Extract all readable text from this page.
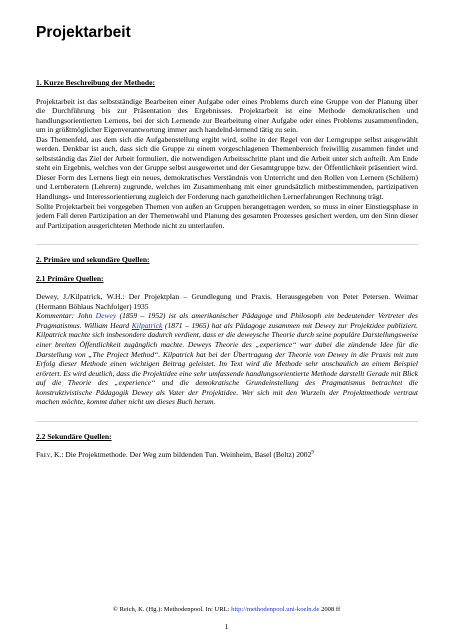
Projektarbeit
1. Kurze Beschreibung der Methode:

Projektarbeit ist das selbstständige Bearbeiten einer Aufgabe oder eines Problems durch eine Gruppe von der Planung über die Durchführung bis zur Präsentation des Ergebnisses. Projektarbeit ist eine Methode demokratischen und handlungsorientierten Lernens, bei der sich Lernende zur Bearbeitung einer Aufgabe oder eines Problems zusammenfinden, um in größtmöglicher Eigenverantwortung immer auch handelnd-lernend tätig zu sein.

Das Themenfeld, aus dem sich die Aufgabenstellung ergibt wird, sollte in der Regel von der Lerngruppe selbst ausgewählt werden. Denkbar ist auch, dass sich die Gruppe zu einem vorgeschlagenen Themenbereich freiwillig zusammen findet und selbstständig das Ziel der Arbeit formuliert, die notwendigen Arbeitsschritte plant und die Arbeit unter sich aufteilt. Am Ende steht ein Ergebnis, welches von der Gruppe selbst ausgewertet und der Gesamtgruppe bzw. der Öffentlichkeit präsentiert wird.

Dieser Form des Lernens liegt ein neues, demokratisches Verständnis von Unterricht und den Rollen von Lernern (Schülern) und Lernberatern (Lehrern) zugrunde, welches im Zusammenhang mit einer grundsätzlich mitbestimmenden, partizipativen Handlungs- und Interessorientierung zugleich der Forderung nach ganzheitlichen Lernerfahrungen Rechnung trägt.

Sollte Projektarbeit bei vorgegeben Themen von außen an Gruppen herangetragen werden, so muss in einer Einstiegsphase in jedem Fall deren Partizipation an der Themenwahl und Planung des gesamten Prozesses gesichert werden, um den Sinn dieser auf Partizipation ausgerichteten Methode nicht zu unterlaufen.

2. Primäre und sekundäre Quellen:
2.1 Primäre Quellen:

Dewey, J./Kilpatrick, W.H.: Der Projektplan – Grundlegung und Praxis. Herausgegeben von Peter Petersen. Weimar (Hermann Böhlaus Nachfolger) 1935

Kommentar: John Dewey (1859 – 1952) ist als amerikanischer Pädagoge und Philosoph ein bedeutender Vertreter des Pragmatismus. William Heard Kilpatrick (1871 – 1965) hat als Pädagoge zusammen mit Dewey zur Projektidee publiziert. Kilpatrick machte sich insbesondere dadurch verdient, dass er die deweysche Theorie durch seine populäre Darstellungsweise einer breiten Öffentlichkeit zugänglich machte. Deweys Theorie des „experience“ war dabei die zündende Idee für die Darstellung von „The Project Method“. Kilpatrick hat bei der Übertragung der Theorie von Dewey in die Praxis mit zum Erfolg dieser Methode einen wichtigen Beitrag geleistet. Im Text wird die Methode sehr anschaulich an einem Beispiel erörtert. Es wird deutlich, dass die Projektidee eine sehr umfassende handlungsorientierte Methode darstellt Gerade mit Blick auf die Theorie des „experience“ und die demokratische Grundeinstellung des Pragmatismus betrachtet die konstruktivistische Pädagogik Dewey als Vater der Projektidee. Wer sich mit den Wurzeln der Projektmethode vertraut machen möchte, kommt daher nicht um dieses Buch herum.

2.2 Sekundäre Quellen:

Frey, K.: Die Projektmethode. Der Weg zum bildenden Tun. Weinheim, Basel (Beltz) 2002$^9$

© Reich, K. (Hg.): Methodenpool. In: URL: http://methodenpool.uni-koeln.de 2008 ff
1
